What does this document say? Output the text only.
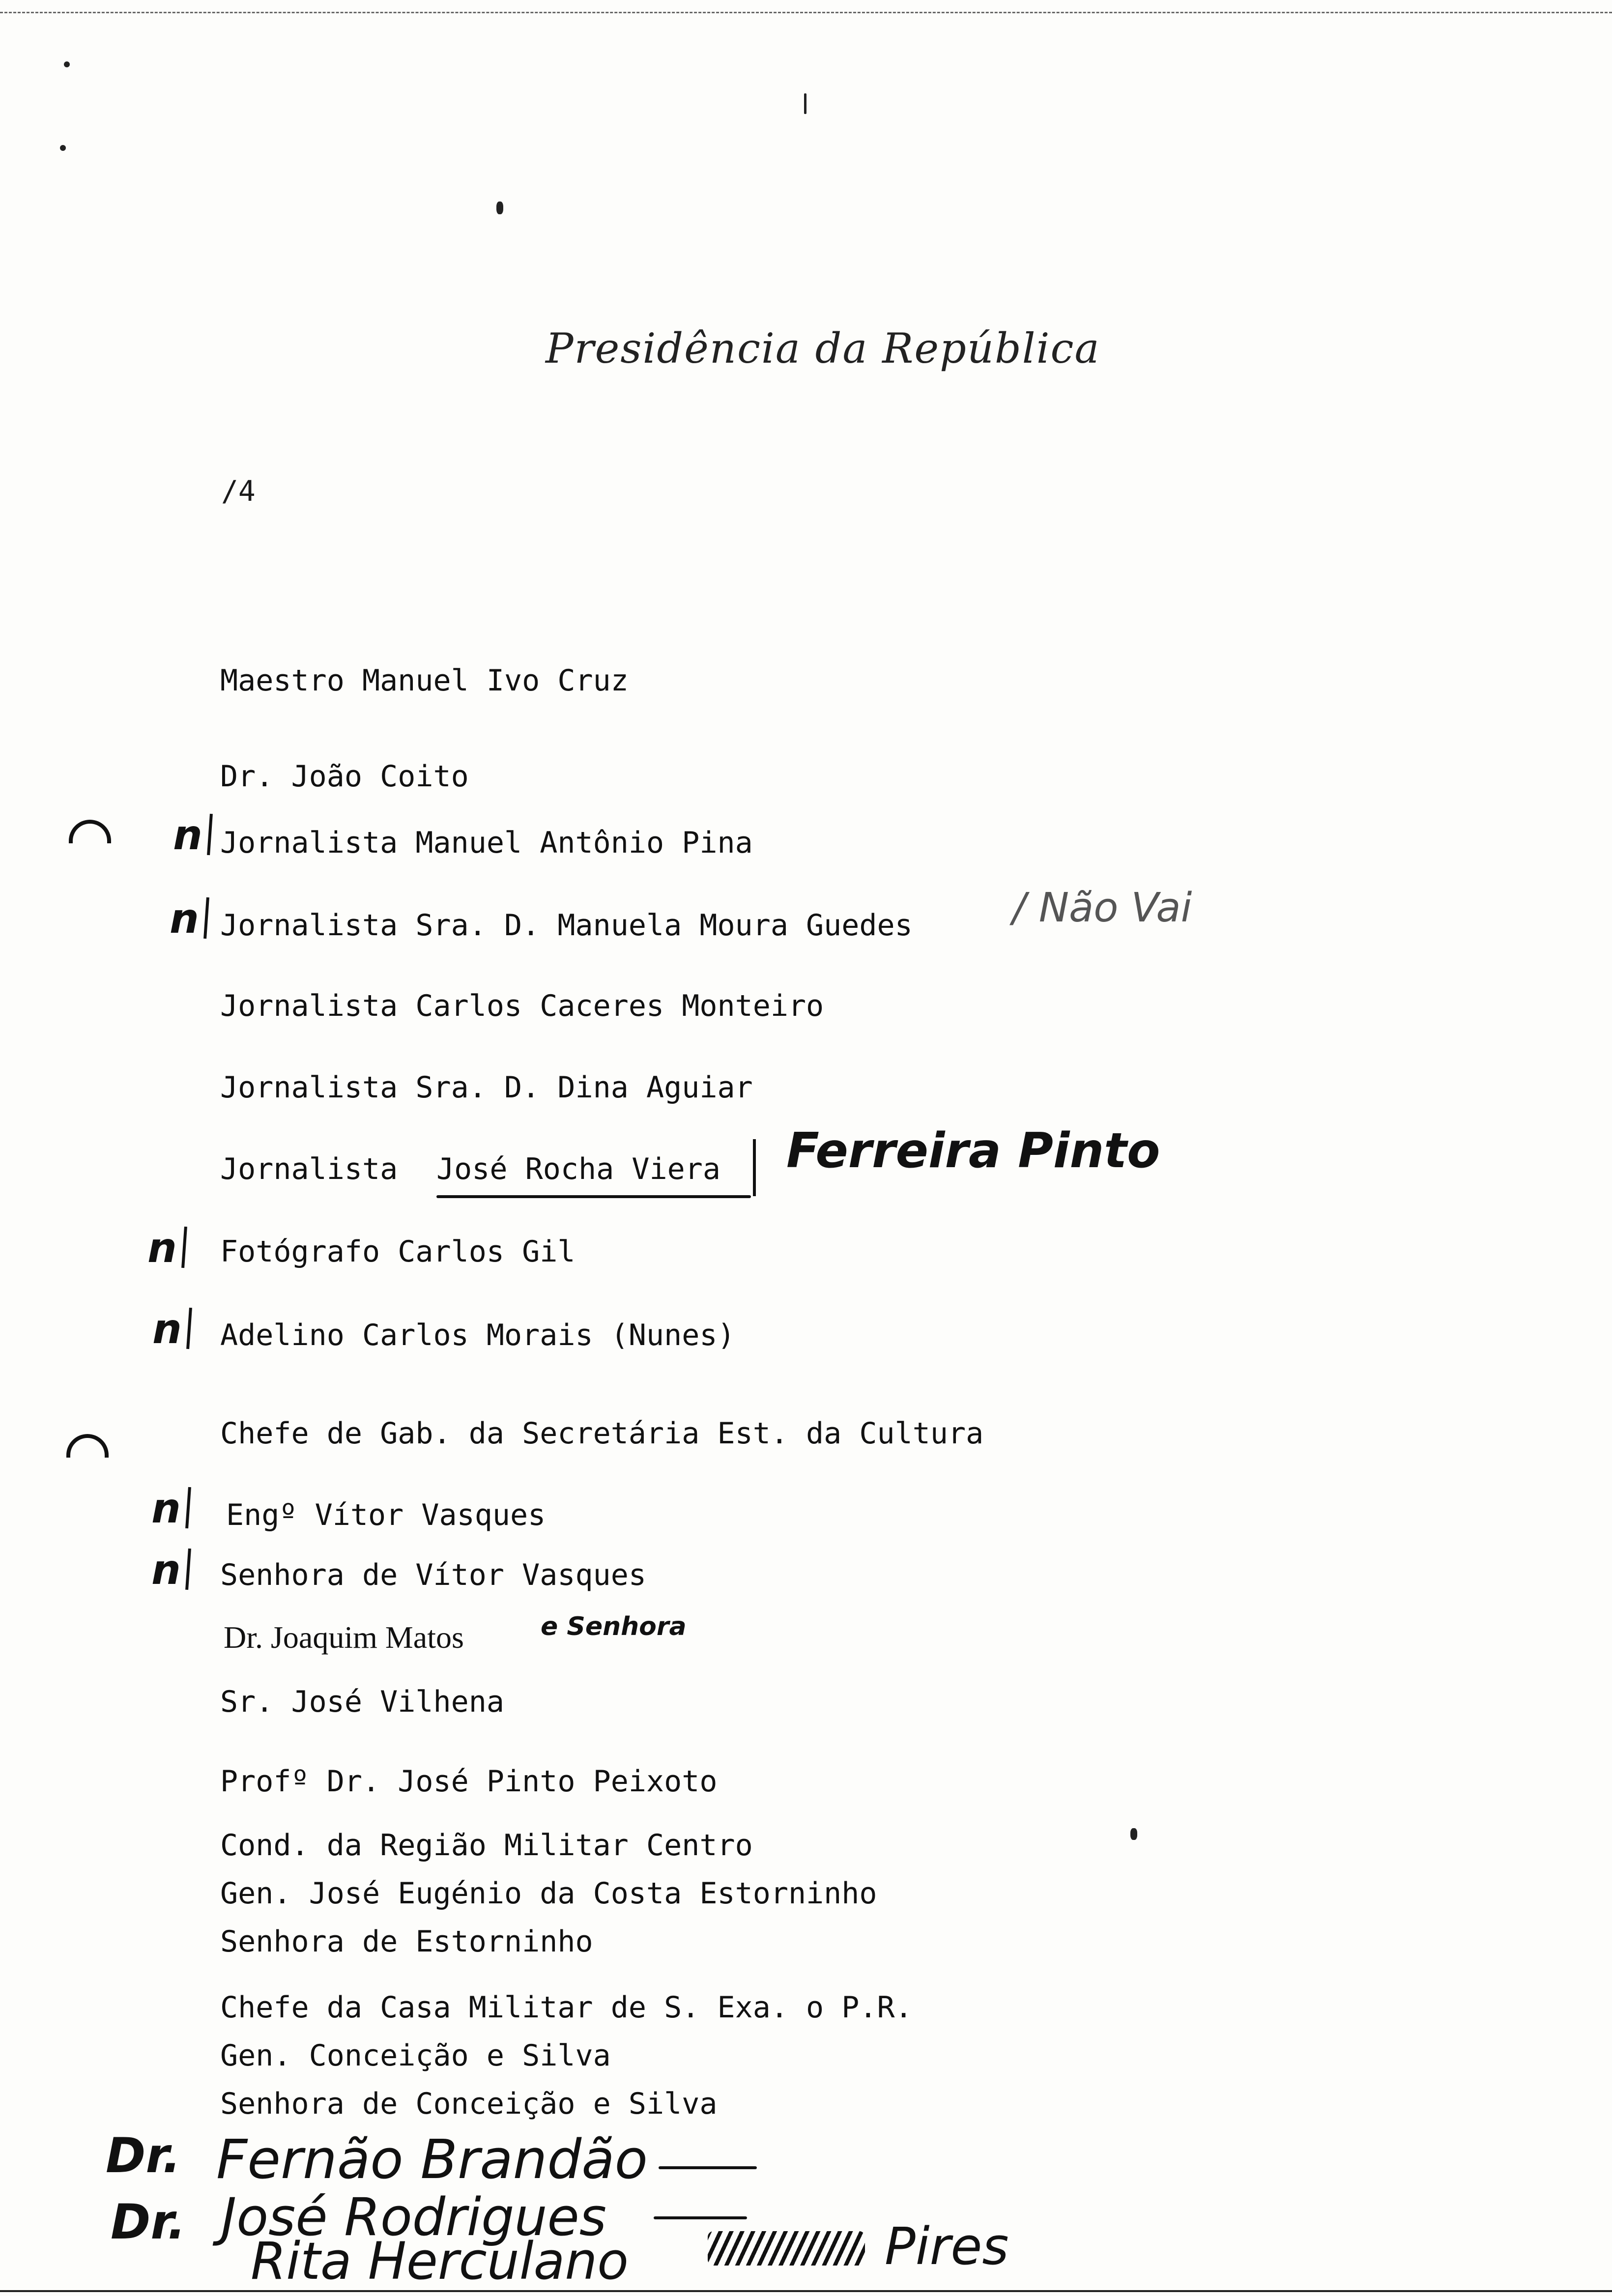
Presidência da República
/4
Maestro Manuel Ivo Cruz
Dr. João Coito
Jornalista Manuel Antônio Pina
Jornalista Sra. D. Manuela Moura Guedes
Jornalista Carlos Caceres Monteiro
Jornalista Sra. D. Dina Aguiar
Jornalista José Rocha Viera
Fotógrafo Carlos Gil
Adelino Carlos Morais (Nunes)
Chefe de Gab. da Secretária Est. da Cultura
Engº Vítor Vasques
Senhora de Vítor Vasques
Dr. Joaquim Matos
Sr. José Vilhena
Profº Dr. José Pinto Peixoto
Cond. da Região Militar Centro
Gen. José Eugénio da Costa Estorninho
Senhora de Estorninho
Chefe da Casa Militar de S. Exa. o P.R.
Gen. Conceição e Silva
Senhora de Conceição e Silva
n
n
n
n
n
n
/ Não Vai
Ferreira Pinto
e Senhora
Dr. Fernão Brandão
Dr. José Rodrigues
Rita Herculano	Pires
